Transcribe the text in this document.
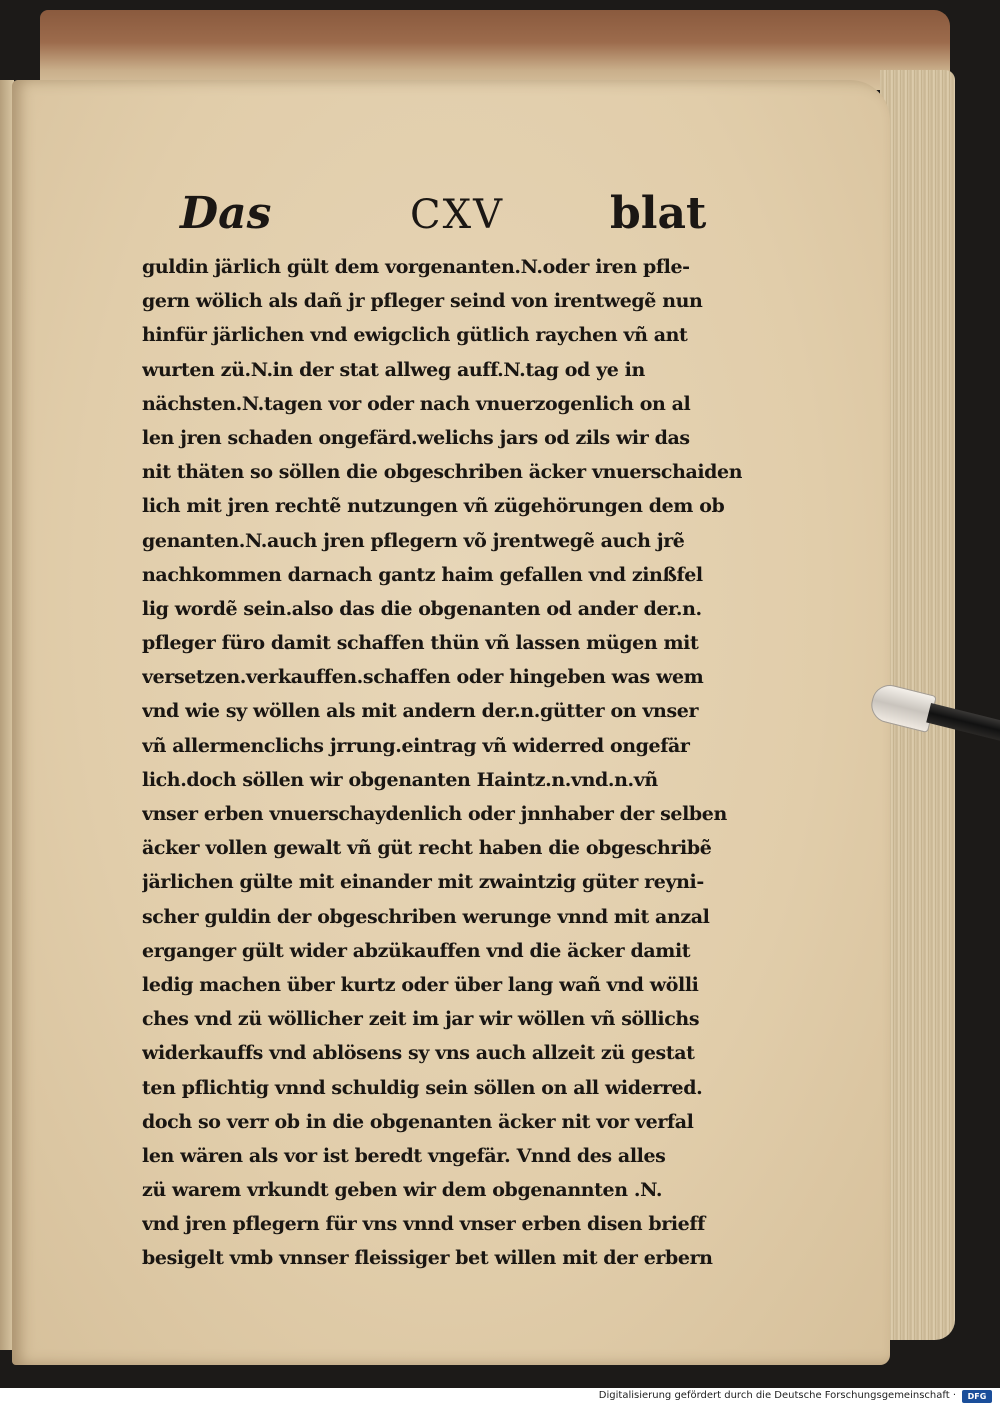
Das	CXV blat
guldin järlich gült dem vorgenanten.N.oder iren pfle-
gern wölich als dañ jr pfleger seind von irentwegẽ nun
hinfür järlichen vnd ewigclich gütlich raychen vñ ant
wurten zü.N.in der stat allweg auff.N.tag od ye in
nächsten.N.tagen vor oder nach vnuerzogenlich on al
len jren schaden ongefärd.welichs jars od zils wir das
nit thäten so söllen die obgeschriben äcker vnuerschaiden
lich mit jren rechtẽ nutzungen vñ zügehörungen dem ob
genanten.N.auch jren pflegern võ jrentwegẽ auch jrẽ
nachkommen darnach gantz haim gefallen vnd zinßfel
lig wordẽ sein.also das die obgenanten od ander der.n.
pfleger füro damit schaffen thün vñ lassen mügen mit
versetzen.verkauffen.schaffen oder hingeben was wem
vnd wie sy wöllen als mit andern der.n.gütter on vnser
vñ allermenclichs jrrung.eintrag vñ widerred ongefär
lich.doch söllen wir obgenanten Haintz.n.vnd.n.vñ
vnser erben vnuerschaydenlich oder jnnhaber der selben
äcker vollen gewalt vñ güt recht haben die obgeschribẽ
järlichen gülte mit einander mit zwaintzig güter reyni-
scher guldin der obgeschriben werunge vnnd mit anzal
erganger gült wider abzükauffen vnd die äcker damit
ledig machen über kurtz oder über lang wañ vnd wölli
ches vnd zü wöllicher zeit im jar wir wöllen vñ söllichs
widerkauffs vnd ablösens sy vns auch allzeit zü gestat
ten pflichtig vnnd schuldig sein söllen on all widerred.
doch so verr ob in die obgenanten äcker nit vor verfal
len wären als vor ist beredt vngefär. Vnnd des alles
zü warem vrkundt geben wir dem obgenannten .N.
vnd jren pflegern für vns vnnd vnser erben disen brieff
besigelt vmb vnnser fleissiger bet willen mit der erbern
Digitalisierung gefördert durch die Deutsche Forschungsgemeinschaft ·	DFG
